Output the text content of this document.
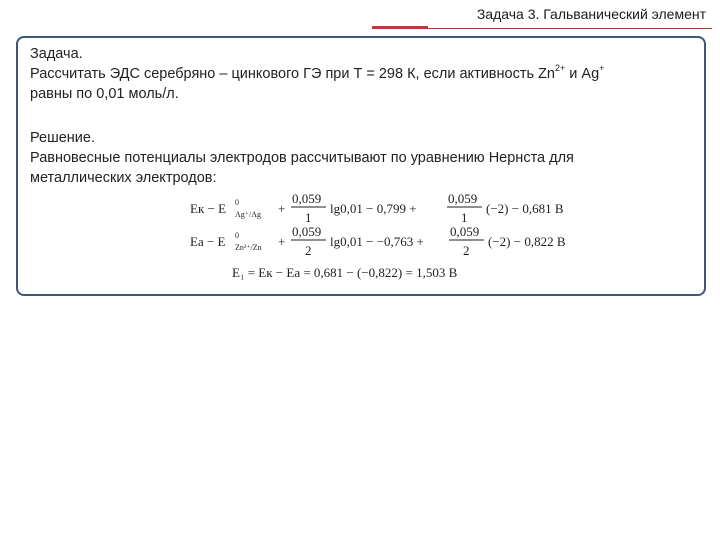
Задача 3. Гальванический элемент
Задача.
Рассчитать ЭДС серебряно – цинкового ГЭ при Т = 298 К, если активность $Zn^{2+}$ и Ag+
равны по 0,01 моль/л.
Решение.
Равновесные потенциалы электродов рассчитывают по уравнению Нернста для
металлических электродов:
Eк − E 0
Ag⁺/Ag +
0,059
1
lg0,01 − 0,799 +
0,059
1
(−2) − 0,681 В
Eа − E 0
Zn²⁺/Zn +
0,059
2
lg0,01 − −0,763 +
0,059
2
(−2) − 0,822 В
E₁ = Eк − Eа = 0,681 − (−0,822) = 1,503 В
